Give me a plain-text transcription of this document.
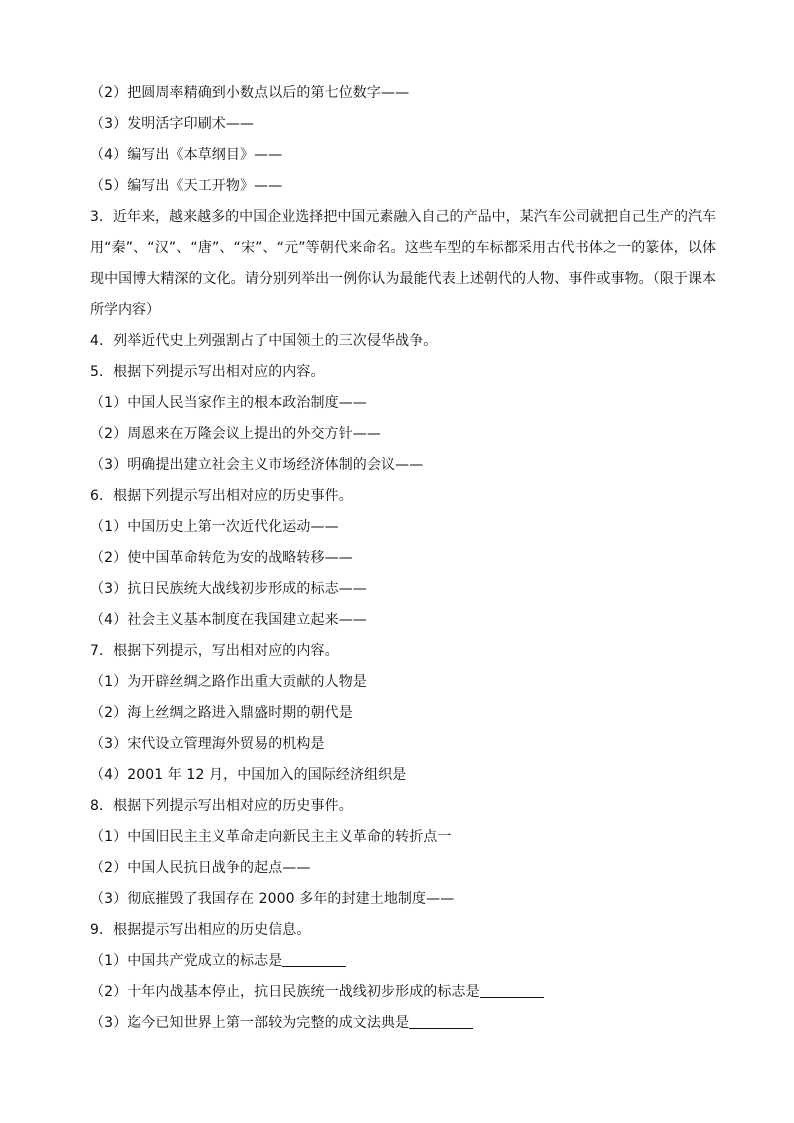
（2）把圆周率精确到小数点以后的第七位数字——
（3）发明活字印刷术——
（4）编写出《本草纲目》——
（5）编写出《天工开物》——
3．近年来，越来越多的中国企业选择把中国元素融入自己的产品中，某汽车公司就把自己生产的汽车用“秦”、“汉”、“唐”、“宋”、“元”等朝代来命名。这些车型的车标都采用古代书体之一的篆体，以体现中国博大精深的文化。请分别列举出一例你认为最能代表上述朝代的人物、事件或事物。（限于课本所学内容）
4．列举近代史上列强割占了中国领土的三次侵华战争。
5．根据下列提示写出相对应的内容。
（1）中国人民当家作主的根本政治制度——
（2）周恩来在万隆会议上提出的外交方针——
（3）明确提出建立社会主义市场经济体制的会议——
6．根据下列提示写出相对应的历史事件。
（1）中国历史上第一次近代化运动——
（2）使中国革命转危为安的战略转移——
（3）抗日民族统大战线初步形成的标志——
（4）社会主义基本制度在我国建立起来——
7．根据下列提示，写出相对应的内容。
（1）为开辟丝绸之路作出重大贡献的人物是
（2）海上丝绸之路进入鼎盛时期的朝代是
（3）宋代设立管理海外贸易的机构是
（4）2001 年 12 月，中国加入的国际经济组织是
8．根据下列提示写出相对应的历史事件。
（1）中国旧民主主义革命走向新民主主义革命的转折点一
（2）中国人民抗日战争的起点——
（3）彻底摧毁了我国存在 2000 多年的封建土地制度——
9．根据提示写出相应的历史信息。
（1）中国共产党成立的标志是
（2）十年内战基本停止，抗日民族统一战线初步形成的标志是
（3）迄今已知世界上第一部较为完整的成文法典是
